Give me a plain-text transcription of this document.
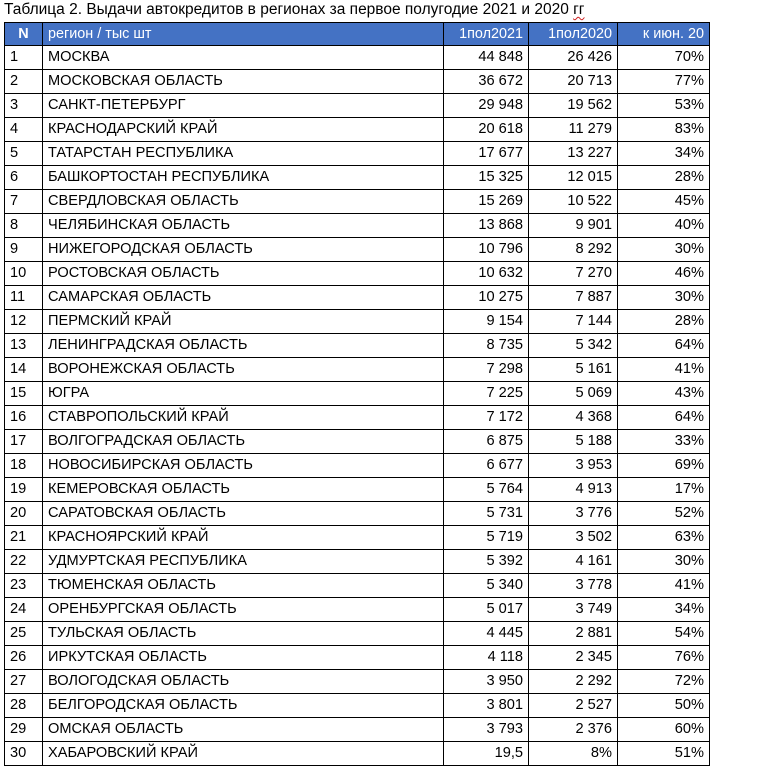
Таблица 2. Выдачи автокредитов в регионах за первое полугодие 2021 и 2020 гг
N	регион / тыс шт	1пол2021	1пол2020	к июн. 20
1	МОСКВА	44 848	26 426	70%
2	МОСКОВСКАЯ ОБЛАСТЬ	36 672	20 713	77%
3	САНКТ-ПЕТЕРБУРГ	29 948	19 562	53%
4	КРАСНОДАРСКИЙ КРАЙ	20 618	11 279	83%
5	ТАТАРСТАН РЕСПУБЛИКА	17 677	13 227	34%
6	БАШКОРТОСТАН РЕСПУБЛИКА	15 325	12 015	28%
7	СВЕРДЛОВСКАЯ ОБЛАСТЬ	15 269	10 522	45%
8	ЧЕЛЯБИНСКАЯ ОБЛАСТЬ	13 868	9 901	40%
9	НИЖЕГОРОДСКАЯ ОБЛАСТЬ	10 796	8 292	30%
10	РОСТОВСКАЯ ОБЛАСТЬ	10 632	7 270	46%
11	САМАРСКАЯ ОБЛАСТЬ	10 275	7 887	30%
12	ПЕРМСКИЙ КРАЙ	9 154	7 144	28%
13	ЛЕНИНГРАДСКАЯ ОБЛАСТЬ	8 735	5 342	64%
14	ВОРОНЕЖСКАЯ ОБЛАСТЬ	7 298	5 161	41%
15	ЮГРА	7 225	5 069	43%
16	СТАВРОПОЛЬСКИЙ КРАЙ	7 172	4 368	64%
17	ВОЛГОГРАДСКАЯ ОБЛАСТЬ	6 875	5 188	33%
18	НОВОСИБИРСКАЯ ОБЛАСТЬ	6 677	3 953	69%
19	КЕМЕРОВСКАЯ ОБЛАСТЬ	5 764	4 913	17%
20	САРАТОВСКАЯ ОБЛАСТЬ	5 731	3 776	52%
21	КРАСНОЯРСКИЙ КРАЙ	5 719	3 502	63%
22	УДМУРТСКАЯ РЕСПУБЛИКА	5 392	4 161	30%
23	ТЮМЕНСКАЯ ОБЛАСТЬ	5 340	3 778	41%
24	ОРЕНБУРГСКАЯ ОБЛАСТЬ	5 017	3 749	34%
25	ТУЛЬСКАЯ ОБЛАСТЬ	4 445	2 881	54%
26	ИРКУТСКАЯ ОБЛАСТЬ	4 118	2 345	76%
27	ВОЛОГОДСКАЯ ОБЛАСТЬ	3 950	2 292	72%
28	БЕЛГОРОДСКАЯ ОБЛАСТЬ	3 801	2 527	50%
29	ОМСКАЯ ОБЛАСТЬ	3 793	2 376	60%
30	ХАБАРОВСКИЙ КРАЙ	19,5	8%	51%
